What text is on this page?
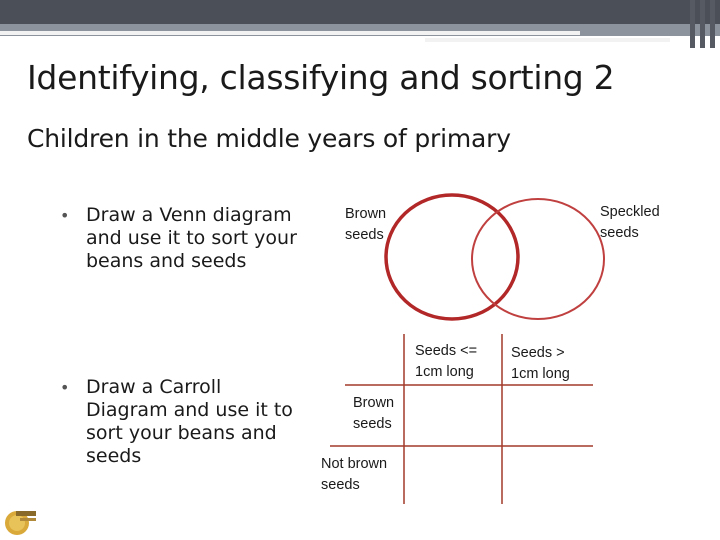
Identifying, classifying and sorting 2
Children in the middle years of primary
• Draw a Venn diagram and use it to sort your beans and seeds
• Draw a Carroll Diagram and use it to sort your beans and seeds
Brown seeds
Speckled seeds
Seeds <= 1cm long
Seeds > 1cm long
Brown seeds
Not brown seeds
